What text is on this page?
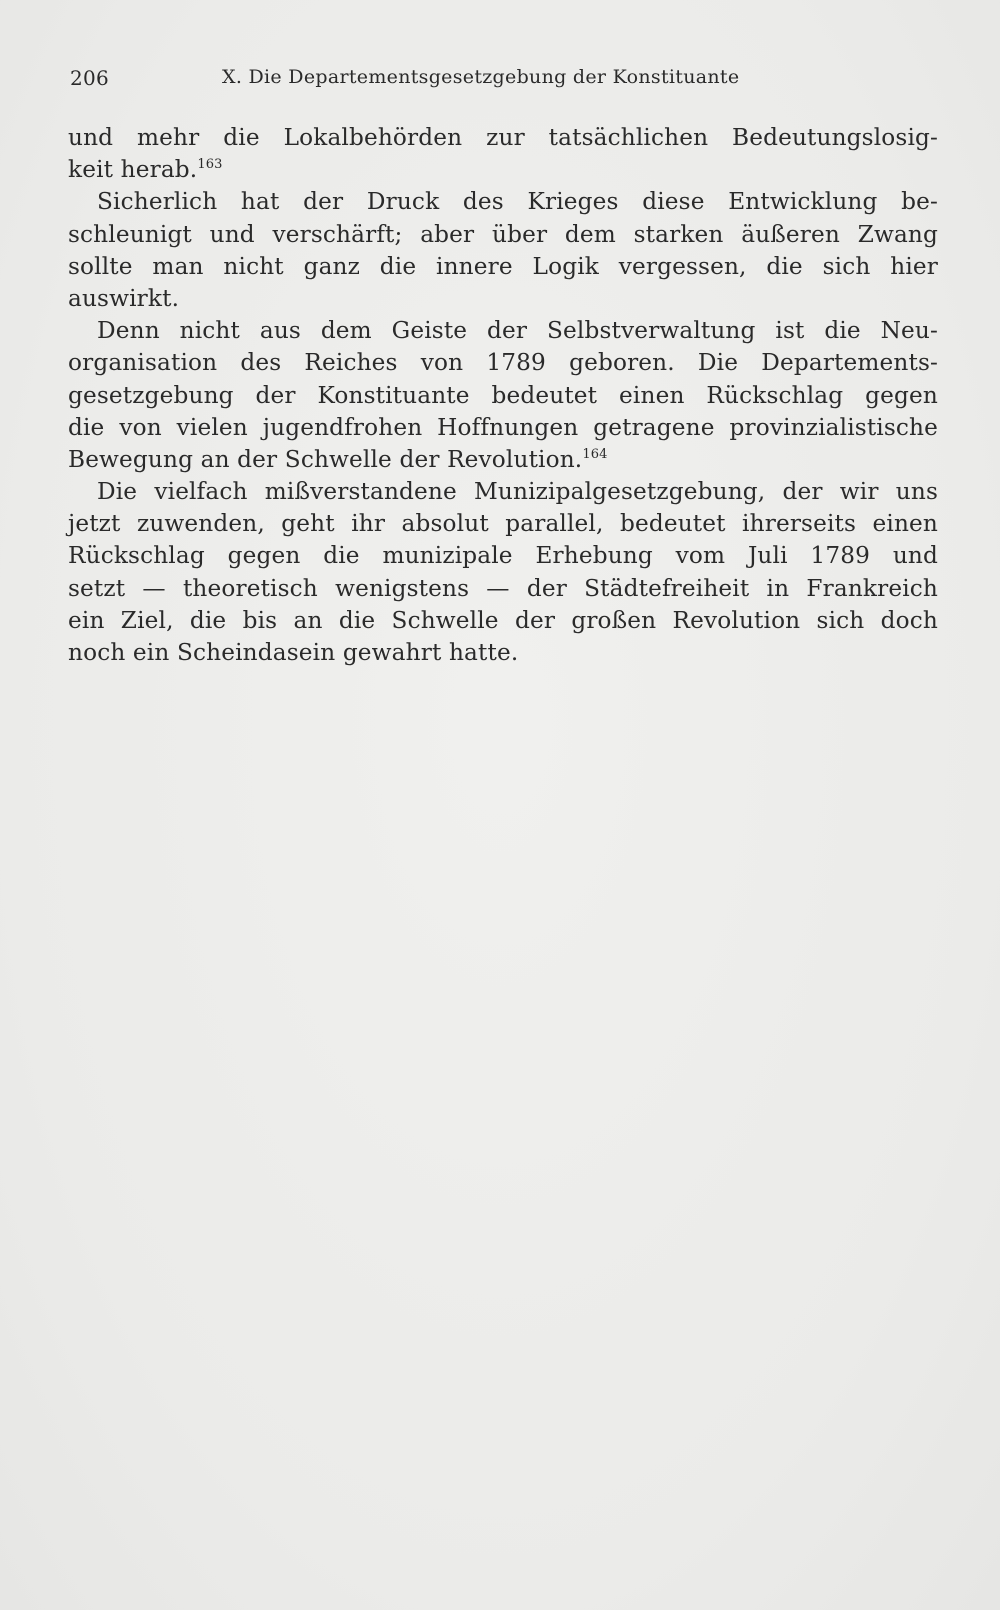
206	X. Die Departementsgesetzgebung der Konstituante
und mehr die Lokalbehörden zur tatsächlichen Bedeutungslosig-
keit herab.$^{163}$
Sicherlich hat der Druck des Krieges diese Entwicklung be-
schleunigt und verschärft; aber über dem starken äußeren Zwang
sollte man nicht ganz die innere Logik vergessen, die sich hier
auswirkt.
Denn nicht aus dem Geiste der Selbstverwaltung ist die Neu-
organisation des Reiches von 1789 geboren. Die Departements-
gesetzgebung der Konstituante bedeutet einen Rückschlag gegen
die von vielen jugendfrohen Hoffnungen getragene provinzialistische
Bewegung an der Schwelle der Revolution.$^{164}$
Die vielfach mißverstandene Munizipalgesetzgebung, der wir uns
jetzt zuwenden, geht ihr absolut parallel, bedeutet ihrerseits einen
Rückschlag gegen die munizipale Erhebung vom Juli 1789 und
setzt — theoretisch wenigstens — der Städtefreiheit in Frankreich
ein Ziel, die bis an die Schwelle der großen Revolution sich doch
noch ein Scheindasein gewahrt hatte.
